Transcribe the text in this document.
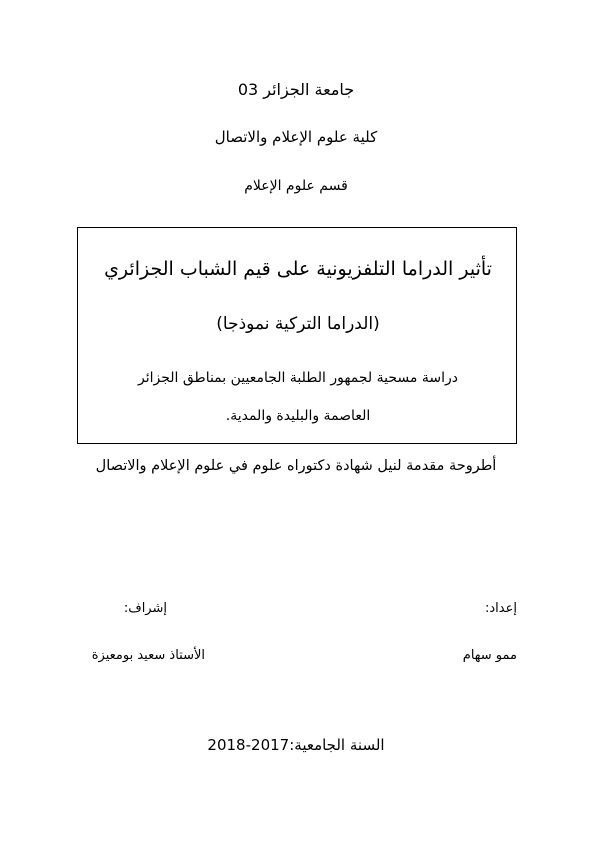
جامعة الجزائر 03
كلية علوم الإعلام والاتصال
قسم علوم الإعلام
تأثير الدراما التلفزيونية على قيم الشباب الجزائري
(الدراما التركية نموذجا)
دراسة مسحية لجمهور الطلبة الجامعيين بمناطق الجزائر
العاصمة والبليدة والمدية.
أطروحة مقدمة لنيل شهادة دكتوراه علوم في علوم الإعلام والاتصال
إعداد:
إشراف:
ممو سهام
الأستاذ سعيد بومعيزة
السنة الجامعية:2017-2018
